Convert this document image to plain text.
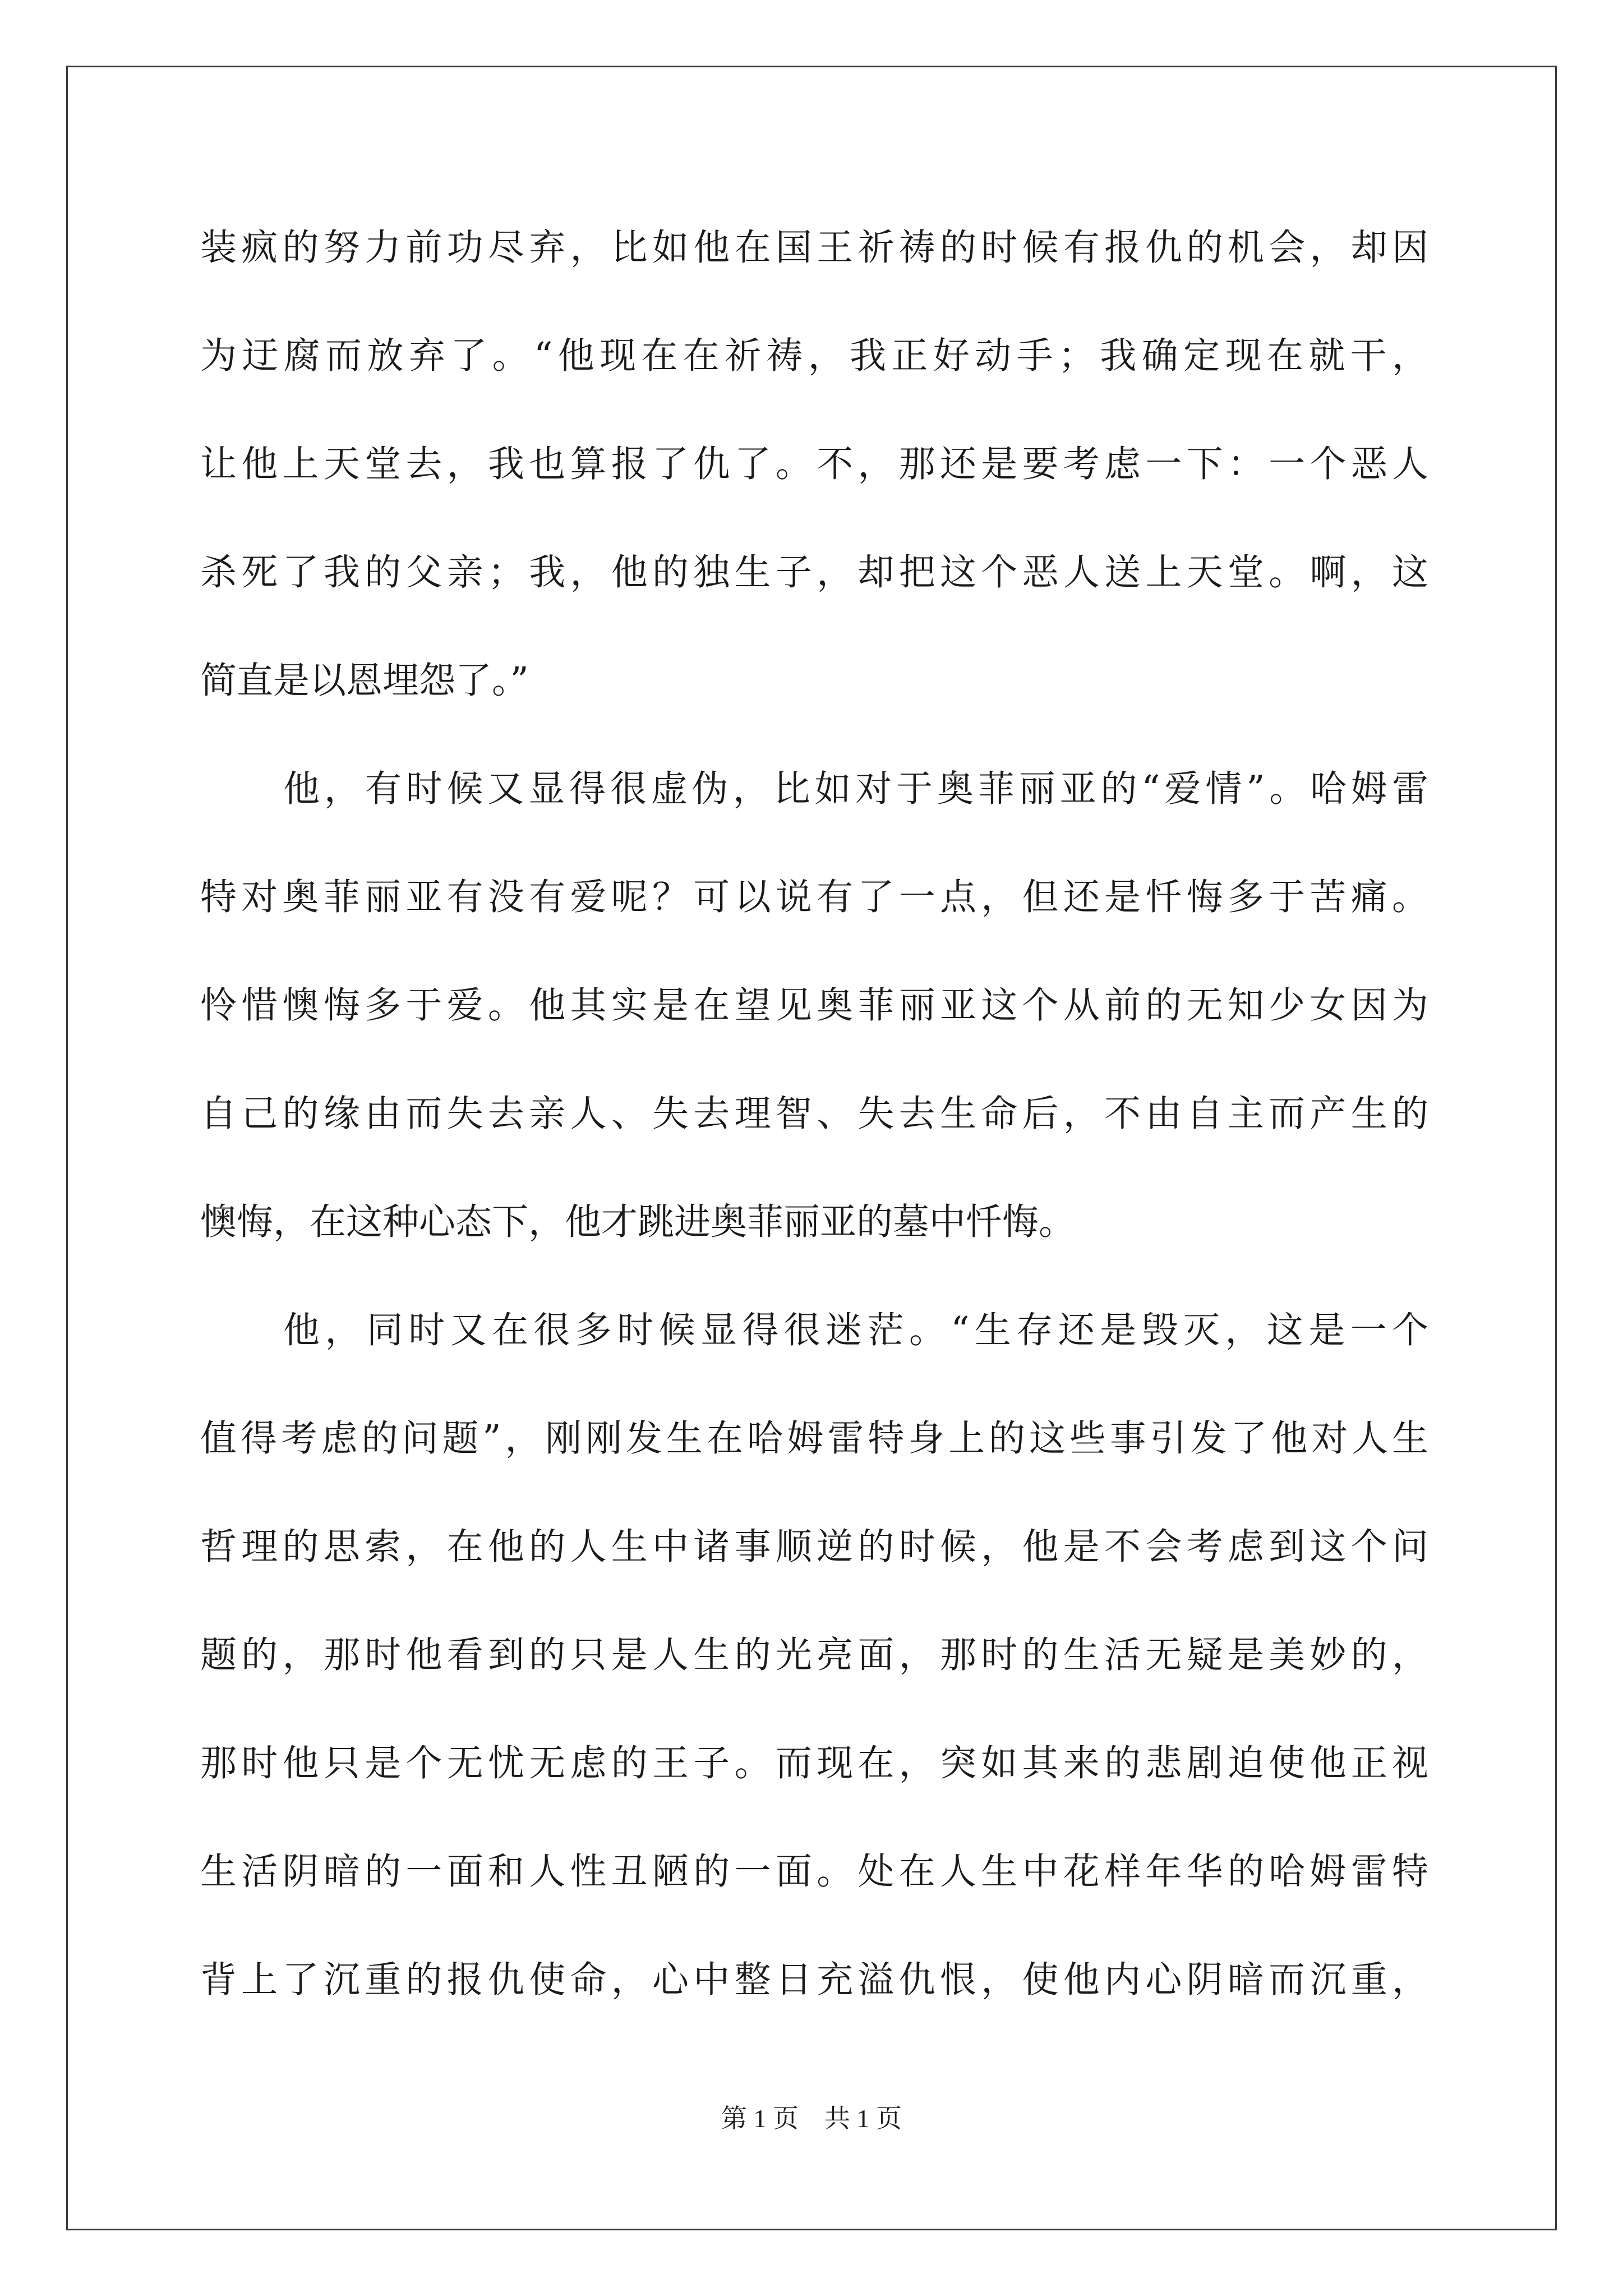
装疯的努力前功尽弃，比如他在国王祈祷的时候有报仇的机会，却因
为迂腐而放弃了。“他现在在祈祷，我正好动手；我确定现在就干，
让他上天堂去，我也算报了仇了。不，那还是要考虑一下：一个恶人
杀死了我的父亲；我，他的独生子，却把这个恶人送上天堂。啊，这
简直是以恩埋怨了。”
他，有时候又显得很虚伪，比如对于奥菲丽亚的“爱情”。哈姆雷
特对奥菲丽亚有没有爱呢？可以说有了一点，但还是忏悔多于苦痛。
怜惜懊悔多于爱。他其实是在望见奥菲丽亚这个从前的无知少女因为
自己的缘由而失去亲人、失去理智、失去生命后，不由自主而产生的
懊悔，在这种心态下，他才跳进奥菲丽亚的墓中忏悔。
他，同时又在很多时候显得很迷茫。“生存还是毁灭，这是一个
值得考虑的问题”，刚刚发生在哈姆雷特身上的这些事引发了他对人生
哲理的思索，在他的人生中诸事顺逆的时候，他是不会考虑到这个问
题的，那时他看到的只是人生的光亮面，那时的生活无疑是美妙的，
那时他只是个无忧无虑的王子。而现在，突如其来的悲剧迫使他正视
生活阴暗的一面和人性丑陋的一面。处在人生中花样年华的哈姆雷特
背上了沉重的报仇使命，心中整日充溢仇恨，使他内心阴暗而沉重，
第 1 页　共 1 页
